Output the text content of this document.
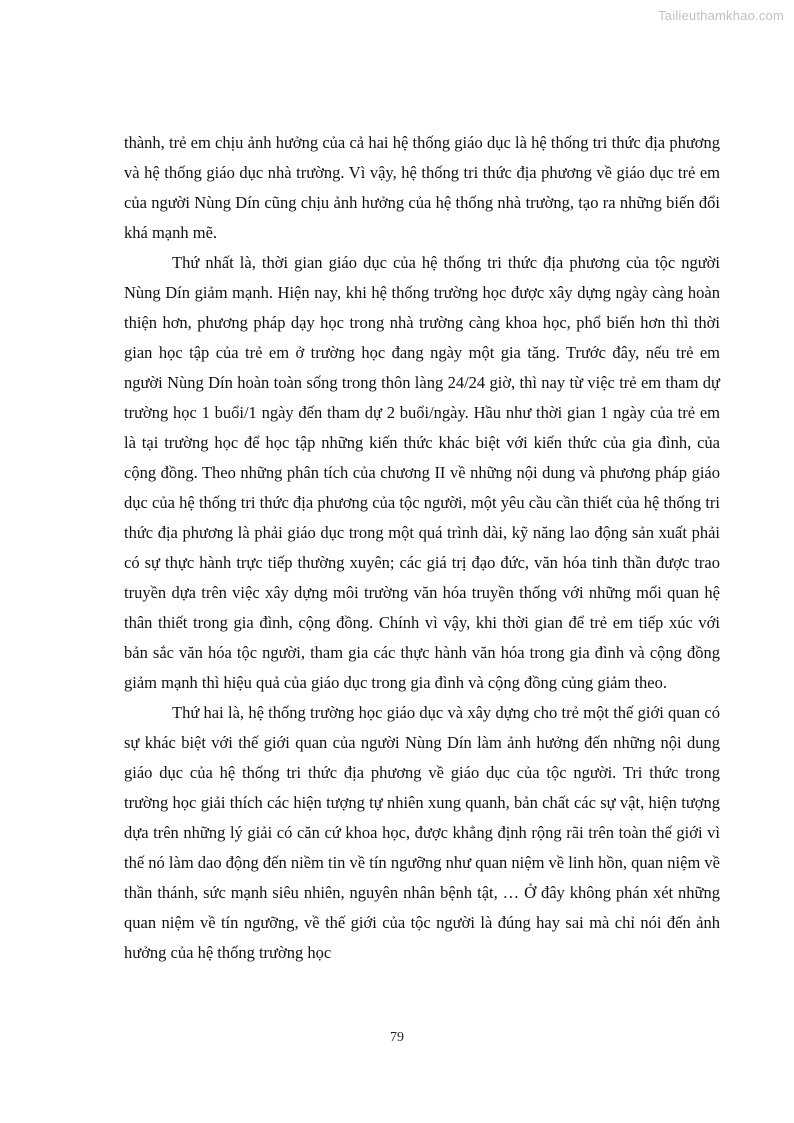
Tailieuthamkhao.com

thành, trẻ em chịu ảnh hưởng của cả hai hệ thống giáo dục là hệ thống tri thức địa phương và hệ thống giáo dục nhà trường. Vì vậy, hệ thống tri thức địa phương về giáo dục trẻ em của người Nùng Dín cũng chịu ảnh hưởng của hệ thống nhà trường, tạo ra những biến đổi khá mạnh mẽ.

Thứ nhất là, thời gian giáo dục của hệ thống tri thức địa phương của tộc người Nùng Dín giảm mạnh. Hiện nay, khi hệ thống trường học được xây dựng ngày càng hoàn thiện hơn, phương pháp dạy học trong nhà trường càng khoa học, phổ biến hơn thì thời gian học tập của trẻ em ở trường học đang ngày một gia tăng. Trước đây, nếu trẻ em người Nùng Dín hoàn toàn sống trong thôn làng 24/24 giờ, thì nay từ việc trẻ em tham dự trường học 1 buổi/1 ngày đến tham dự 2 buổi/ngày. Hầu như thời gian 1 ngày của trẻ em là tại trường học để học tập những kiến thức khác biệt với kiến thức của gia đình, của cộng đồng. Theo những phân tích của chương II về những nội dung và phương pháp giáo dục của hệ thống tri thức địa phương của tộc người, một yêu cầu cần thiết của hệ thống tri thức địa phương là phải giáo dục trong một quá trình dài, kỹ năng lao động sản xuất phải có sự thực hành trực tiếp thường xuyên; các giá trị đạo đức, văn hóa tinh thần được trao truyền dựa trên việc xây dựng môi trường văn hóa truyền thống với những mối quan hệ thân thiết trong gia đình, cộng đồng. Chính vì vậy, khi thời gian để trẻ em tiếp xúc với bản sắc văn hóa tộc người, tham gia các thực hành văn hóa trong gia đình và cộng đồng giảm mạnh thì hiệu quả của giáo dục trong gia đình và cộng đồng củng giảm theo.

Thứ hai là, hệ thống trường học giáo dục và xây dựng cho trẻ một thế giới quan có sự khác biệt với thế giới quan của người Nùng Dín làm ảnh hưởng đến những nội dung giáo dục của hệ thống tri thức địa phương về giáo dục của tộc người. Tri thức trong trường học giải thích các hiện tượng tự nhiên xung quanh, bản chất các sự vật, hiện tượng dựa trên những lý giải có căn cứ khoa học, được khẳng định rộng rãi trên toàn thế giới vì thế nó làm dao động đến niềm tin về tín ngưỡng như quan niệm về linh hồn, quan niệm về thần thánh, sức mạnh siêu nhiên, nguyên nhân bệnh tật, … Ở đây không phán xét những quan niệm về tín ngưỡng, về thế giới của tộc người là đúng hay sai mà chỉ nói đến ảnh hưởng của hệ thống trường học

79
